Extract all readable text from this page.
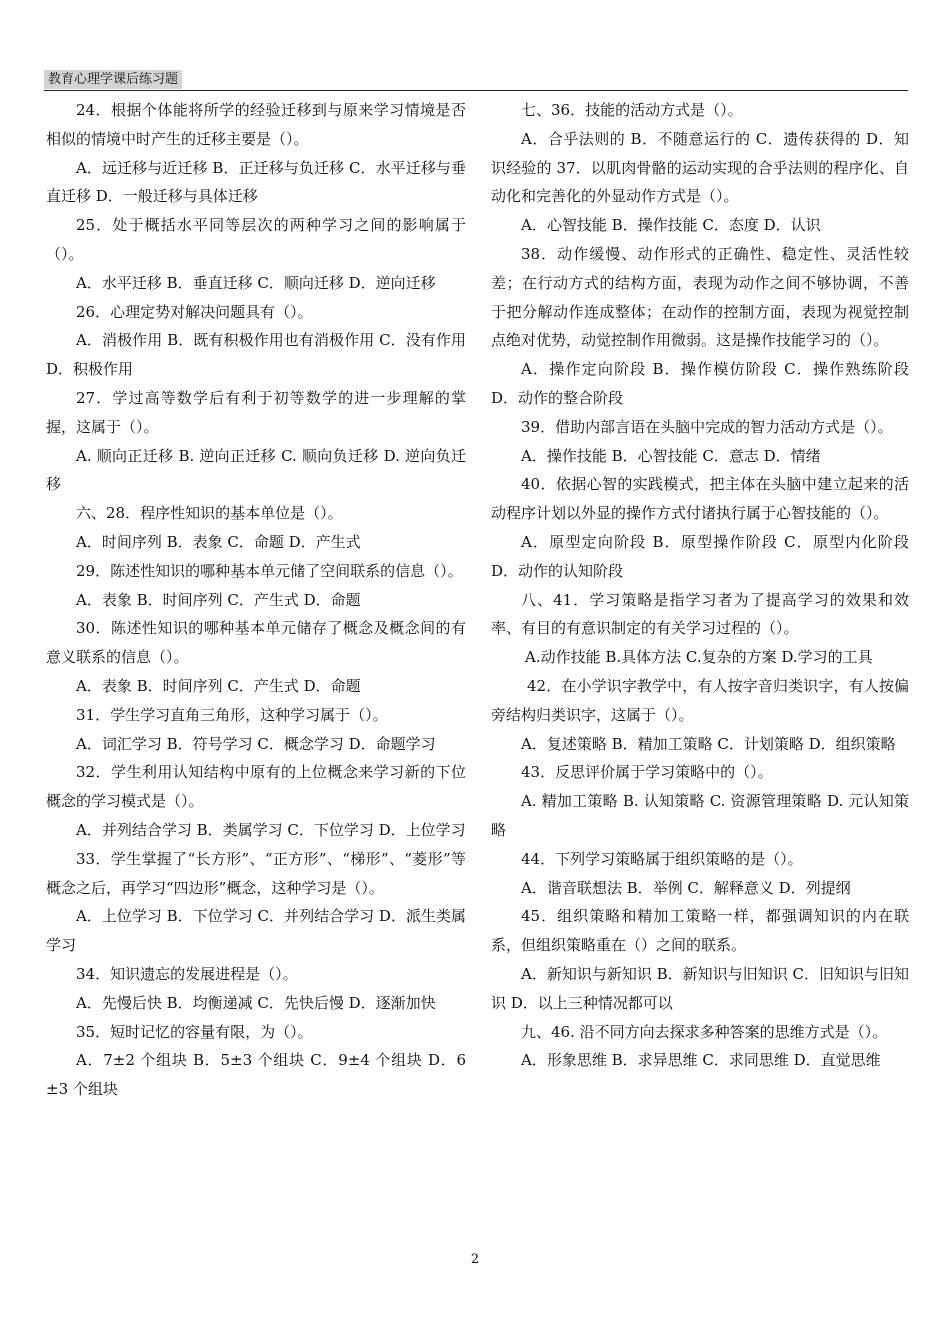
教育心理学课后练习题

24．根据个体能将所学的经验迁移到与原来学习情境是否相似的情境中时产生的迁移主要是（）。

A．远迁移与近迁移 B．正迁移与负迁移 C．水平迁移与垂直迁移 D．一般迁移与具体迁移

25．处于概括水平同等层次的两种学习之间的影响属于（）。

A．水平迁移 B．垂直迁移 C．顺向迁移 D．逆向迁移

26．心理定势对解决问题具有（）。

A．消极作用 B．既有积极作用也有消极作用 C．没有作用 D．积极作用

27．学过高等数学后有利于初等数学的进一步理解的掌握，这属于（）。

A. 顺向正迁移 B. 逆向正迁移 C. 顺向负迁移 D. 逆向负迁移

六、28．程序性知识的基本单位是（）。

A．时间序列 B．表象 C．命题 D．产生式

29．陈述性知识的哪种基本单元储了空间联系的信息（）。

A．表象 B．时间序列 C．产生式 D．命题

30．陈述性知识的哪种基本单元储存了概念及概念间的有意义联系的信息（）。

A．表象 B．时间序列 C．产生式 D．命题

31．学生学习直角三角形，这种学习属于（）。

A．词汇学习 B．符号学习 C．概念学习 D．命题学习

32．学生利用认知结构中原有的上位概念来学习新的下位概念的学习模式是（）。

A．并列结合学习 B．类属学习 C．下位学习 D．上位学习

33．学生掌握了“长方形”、“正方形”、“梯形”、“菱形”等概念之后，再学习“四边形”概念，这种学习是（）。

A．上位学习 B．下位学习 C．并列结合学习 D．派生类属学习

34．知识遗忘的发展进程是（）。

A．先慢后快 B．均衡递减 C．先快后慢 D．逐渐加快

35．短时记忆的容量有限，为（）。

A．7±2 个组块 B．5±3 个组块 C．9±4 个组块 D．6±3 个组块

七、36．技能的活动方式是（）。

A．合乎法则的 B．不随意运行的 C．遗传获得的 D．知识经验的 37．以肌肉骨骼的运动实现的合乎法则的程序化、自动化和完善化的外显动作方式是（）。

A．心智技能 B．操作技能 C．态度 D．认识

38．动作缓慢、动作形式的正确性、稳定性、灵活性较差；在行动方式的结构方面，表现为动作之间不够协调，不善于把分解动作连成整体；在动作的控制方面，表现为视觉控制点绝对优势，动觉控制作用微弱。这是操作技能学习的（）。

A．操作定向阶段 B．操作模仿阶段 C．操作熟练阶段 D．动作的整合阶段

39．借助内部言语在头脑中完成的智力活动方式是（）。

A．操作技能 B．心智技能 C．意志 D．情绪

40．依据心智的实践模式，把主体在头脑中建立起来的活动程序计划以外显的操作方式付诸执行属于心智技能的（）。

A．原型定向阶段 B．原型操作阶段 C．原型内化阶段 D．动作的认知阶段

八、41．学习策略是指学习者为了提高学习的效果和效率、有目的有意识制定的有关学习过程的（）。

A.动作技能 B.具体方法 C.复杂的方案 D.学习的工具

42．在小学识字教学中，有人按字音归类识字，有人按偏旁结构归类识字，这属于（）。

A．复述策略 B．精加工策略 C．计划策略 D．组织策略

43．反思评价属于学习策略中的（）。

A. 精加工策略 B. 认知策略 C. 资源管理策略 D. 元认知策略

44．下列学习策略属于组织策略的是（）。

A．谐音联想法 B．举例 C．解释意义 D．列提纲

45．组织策略和精加工策略一样，都强调知识的内在联系，但组织策略重在（）之间的联系。

A．新知识与新知识 B．新知识与旧知识 C．旧知识与旧知识 D．以上三种情况都可以

九、46. 沿不同方向去探求多种答案的思维方式是（）。

A．形象思维 B．求异思维 C．求同思维 D．直觉思维

2
